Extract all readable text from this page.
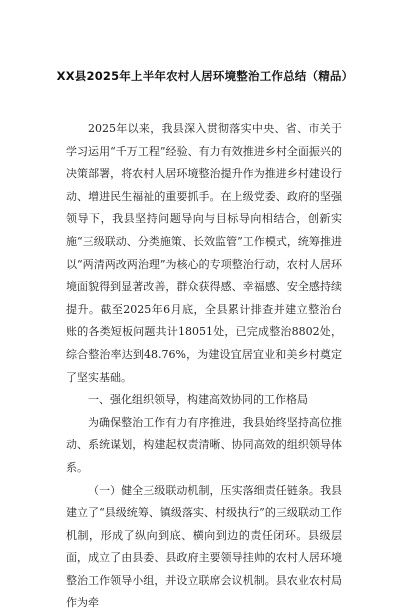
XX县2025年上半年农村人居环境整治工作总结（精品）

2025年以来，我县深入贯彻落实中央、省、市关于学习运用“千万工程”经验、有力有效推进乡村全面振兴的决策部署，将农村人居环境整治提升作为推进乡村建设行动、增进民生福祉的重要抓手。在上级党委、政府的坚强领导下，我县坚持问题导向与目标导向相结合，创新实施“三级联动、分类施策、长效监管”工作模式，统筹推进以“两清两改两治理”为核心的专项整治行动，农村人居环境面貌得到显著改善，群众获得感、幸福感、安全感持续提升。截至2025年6月底，全县累计排查并建立整治台账的各类短板问题共计18051处，已完成整治8802处，综合整治率达到48.76%，为建设宜居宜业和美乡村奠定了坚实基础。

一、强化组织领导，构建高效协同的工作格局

为确保整治工作有力有序推进，我县始终坚持高位推动、系统谋划，构建起权责清晰、协同高效的组织领导体系。

（一）健全三级联动机制，压实落细责任链条。我县建立了“县级统筹、镇级落实、村级执行”的三级联动工作机制，形成了纵向到底、横向到边的责任闭环。县级层面，成立了由县委、县政府主要领导挂帅的农村人居环境整治工作领导小组，并设立联席会议机制。县农业农村局作为牵
